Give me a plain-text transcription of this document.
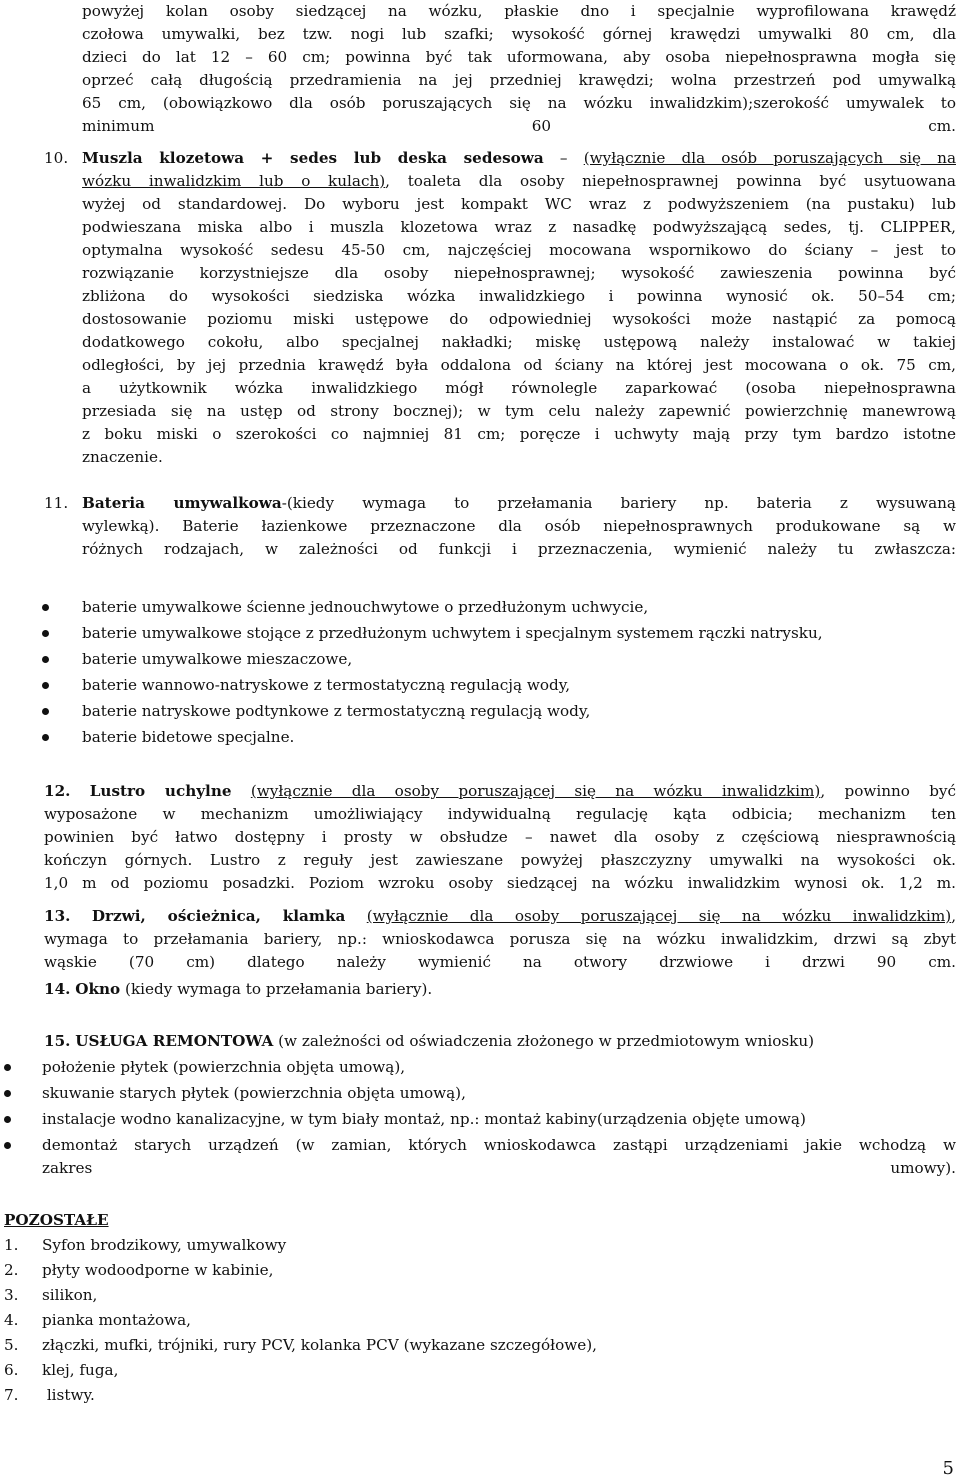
powyżej kolan osoby siedzącej na wózku, płaskie dno i specjalnie wyprofilowana krawędź
czołowa umywalki, bez tzw. nogi lub szafki; wysokość górnej krawędzi umywalki 80 cm, dla
dzieci do lat 12 – 60 cm; powinna być tak uformowana, aby osoba niepełnosprawna mogła się
oprzeć całą długością przedramienia na jej przedniej krawędzi; wolna przestrzeń pod umywalką
65 cm, (obowiązkowo dla osób poruszających się na wózku inwalidzkim);szerokość umywalek to
minimum 60 cm.
10. Muszla klozetowa + sedes lub deska sedesowa – (wyłącznie dla osób poruszających się na
wózku inwalidzkim lub o kulach), toaleta dla osoby niepełnosprawnej powinna być usytuowana
wyżej od standardowej. Do wyboru jest kompakt WC wraz z podwyższeniem (na pustaku) lub
podwieszana miska albo i muszla klozetowa wraz z nasadkę podwyższającą sedes, tj. CLIPPER,
optymalna wysokość sedesu 45-50 cm, najczęściej mocowana wspornikowo do ściany – jest to
rozwiązanie korzystniejsze dla osoby niepełnosprawnej; wysokość zawieszenia powinna być
zbliżona do wysokości siedziska wózka inwalidzkiego i powinna wynosić ok. 50–54 cm;
dostosowanie poziomu miski ustępowe do odpowiedniej wysokości może nastąpić za pomocą
dodatkowego cokołu, albo specjalnej nakładki; miskę ustępową należy instalować w takiej
odległości, by jej przednia krawędź była oddalona od ściany na której jest mocowana o ok. 75 cm,
a użytkownik wózka inwalidzkiego mógł równolegle zaparkować (osoba niepełnosprawna
przesiada się na ustęp od strony bocznej); w tym celu należy zapewnić powierzchnię manewrową
z boku miski o szerokości co najmniej 81 cm; poręcze i uchwyty mają przy tym bardzo istotne
znaczenie.
11. Bateria umywalkowa-(kiedy wymaga to przełamania bariery np. bateria z wysuwaną
wylewką). Baterie łazienkowe przeznaczone dla osób niepełnosprawnych produkowane są w
różnych rodzajach, w zależności od funkcji i przeznaczenia, wymienić należy tu zwłaszcza:
baterie umywalkowe ścienne jednouchwytowe o przedłużonym uchwycie,
baterie umywalkowe stojące z przedłużonym uchwytem i specjalnym systemem rączki natrysku,
baterie umywalkowe mieszaczowe,
baterie wannowo-natryskowe z termostatyczną regulacją wody,
baterie natryskowe podtynkowe z termostatyczną regulacją wody,
baterie bidetowe specjalne.
12. Lustro uchylne (wyłącznie dla osoby poruszającej się na wózku inwalidzkim), powinno być
wyposażone w mechanizm umożliwiający indywidualną regulację kąta odbicia; mechanizm ten
powinien być łatwo dostępny i prosty w obsłudze – nawet dla osoby z częściową niesprawnością
kończyn górnych. Lustro z reguły jest zawieszane powyżej płaszczyzny umywalki na wysokości ok.
1,0 m od poziomu posadzki. Poziom wzroku osoby siedzącej na wózku inwalidzkim wynosi ok. 1,2 m.
13. Drzwi, ościeżnica, klamka (wyłącznie dla osoby poruszającej się na wózku inwalidzkim),
wymaga to przełamania bariery, np.: wnioskodawca porusza się na wózku inwalidzkim, drzwi są zbyt
wąskie (70 cm) dlatego należy wymienić na otwory drzwiowe i drzwi 90 cm.
14. Okno (kiedy wymaga to przełamania bariery).
15. USŁUGA REMONTOWA (w zależności od oświadczenia złożonego w przedmiotowym wniosku)
położenie płytek (powierzchnia objęta umową),
skuwanie starych płytek (powierzchnia objęta umową),
instalacje wodno kanalizacyjne, w tym biały montaż, np.: montaż kabiny(urządzenia objęte umową)
demontaż starych urządzeń (w zamian, których wnioskodawca zastąpi urządzeniami jakie wchodzą w
zakres umowy).
POZOSTAŁE
1. Syfon brodzikowy, umywalkowy
2. płyty wodoodporne w kabinie,
3. silikon,
4. pianka montażowa,
5. złączki, mufki, trójniki, rury PCV, kolanka PCV (wykazane szczegółowe),
6. klej, fuga,
7. listwy.
5
